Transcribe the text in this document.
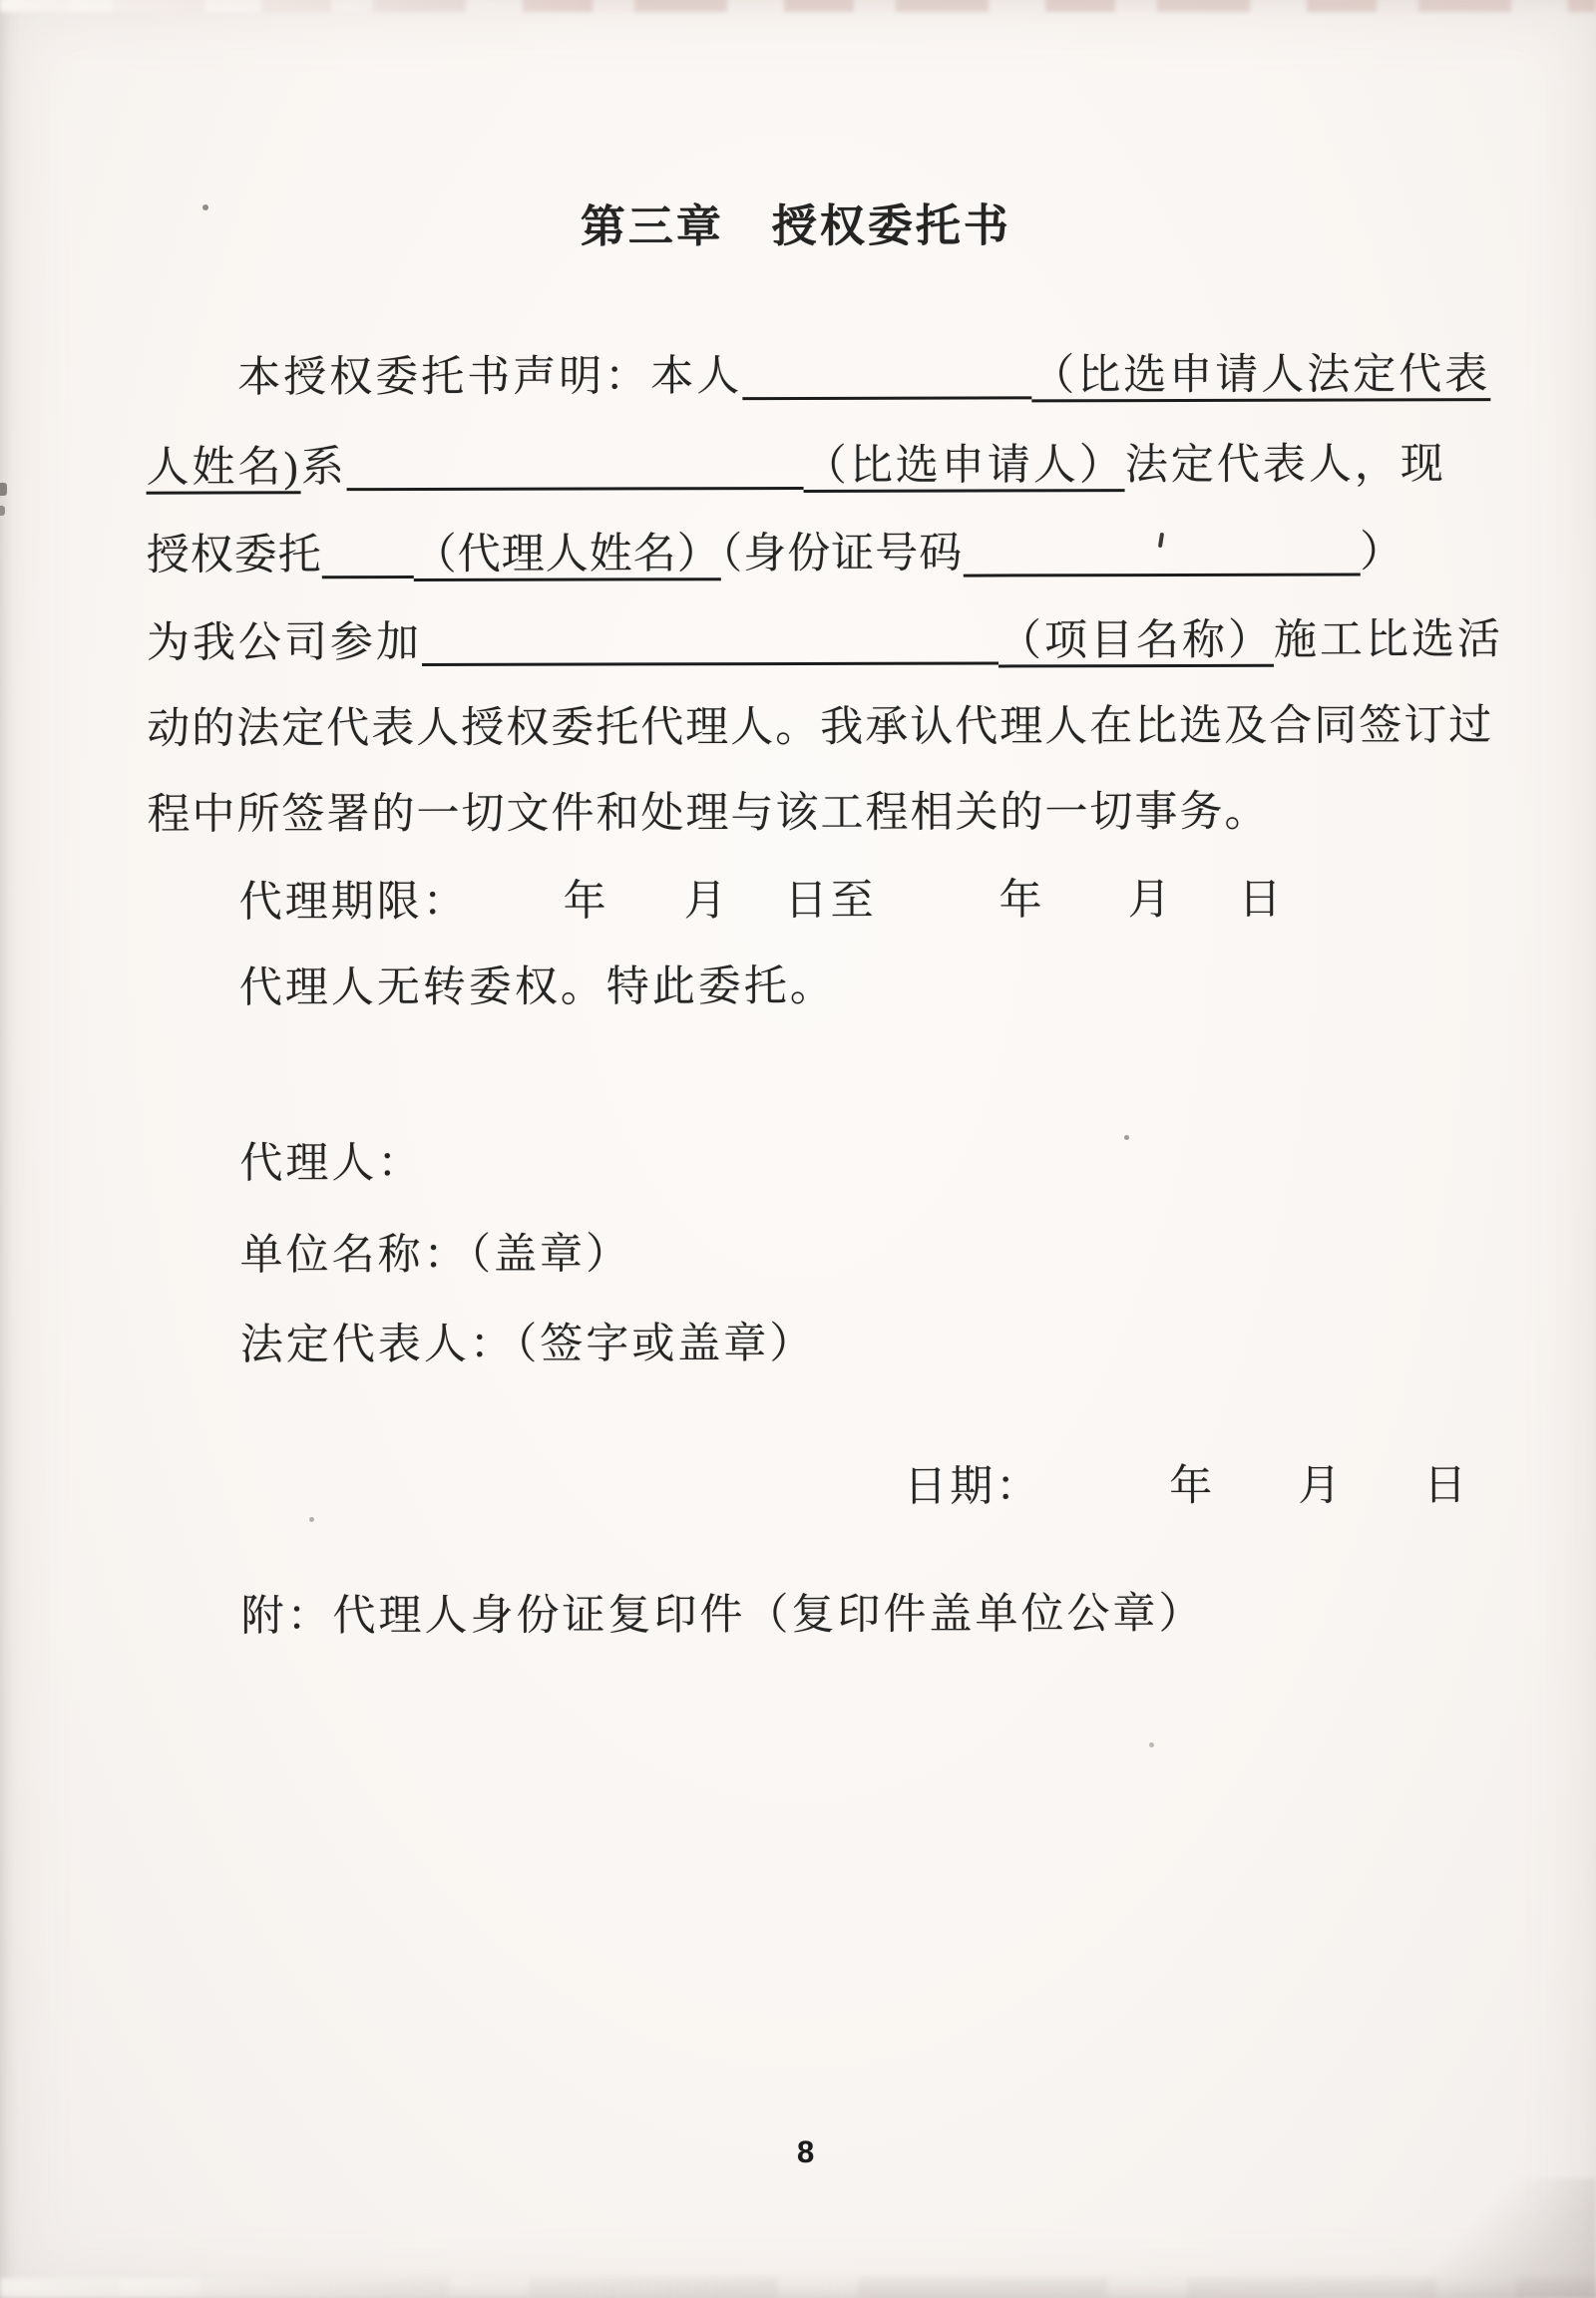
第三章　授权委托书
本授权委托书声明：本人	（比选申请人法定代表
人姓名)系	（比选申请人）法定代表人，现
授权委托 （代理人姓名）（身份证号码	）
为我公司参加	（项目名称）施工比选活
动的法定代表人授权委托代理人。我承认代理人在比选及合同签订过
程中所签署的一切文件和处理与该工程相关的一切事务。
代理期限： 年 月 日至	年 月 日
代理人无转委权。特此委托。
代理人：
单位名称：（盖章）
法定代表人：（签字或盖章）
日期：	年 月 日
附：代理人身份证复印件（复印件盖单位公章）
8
